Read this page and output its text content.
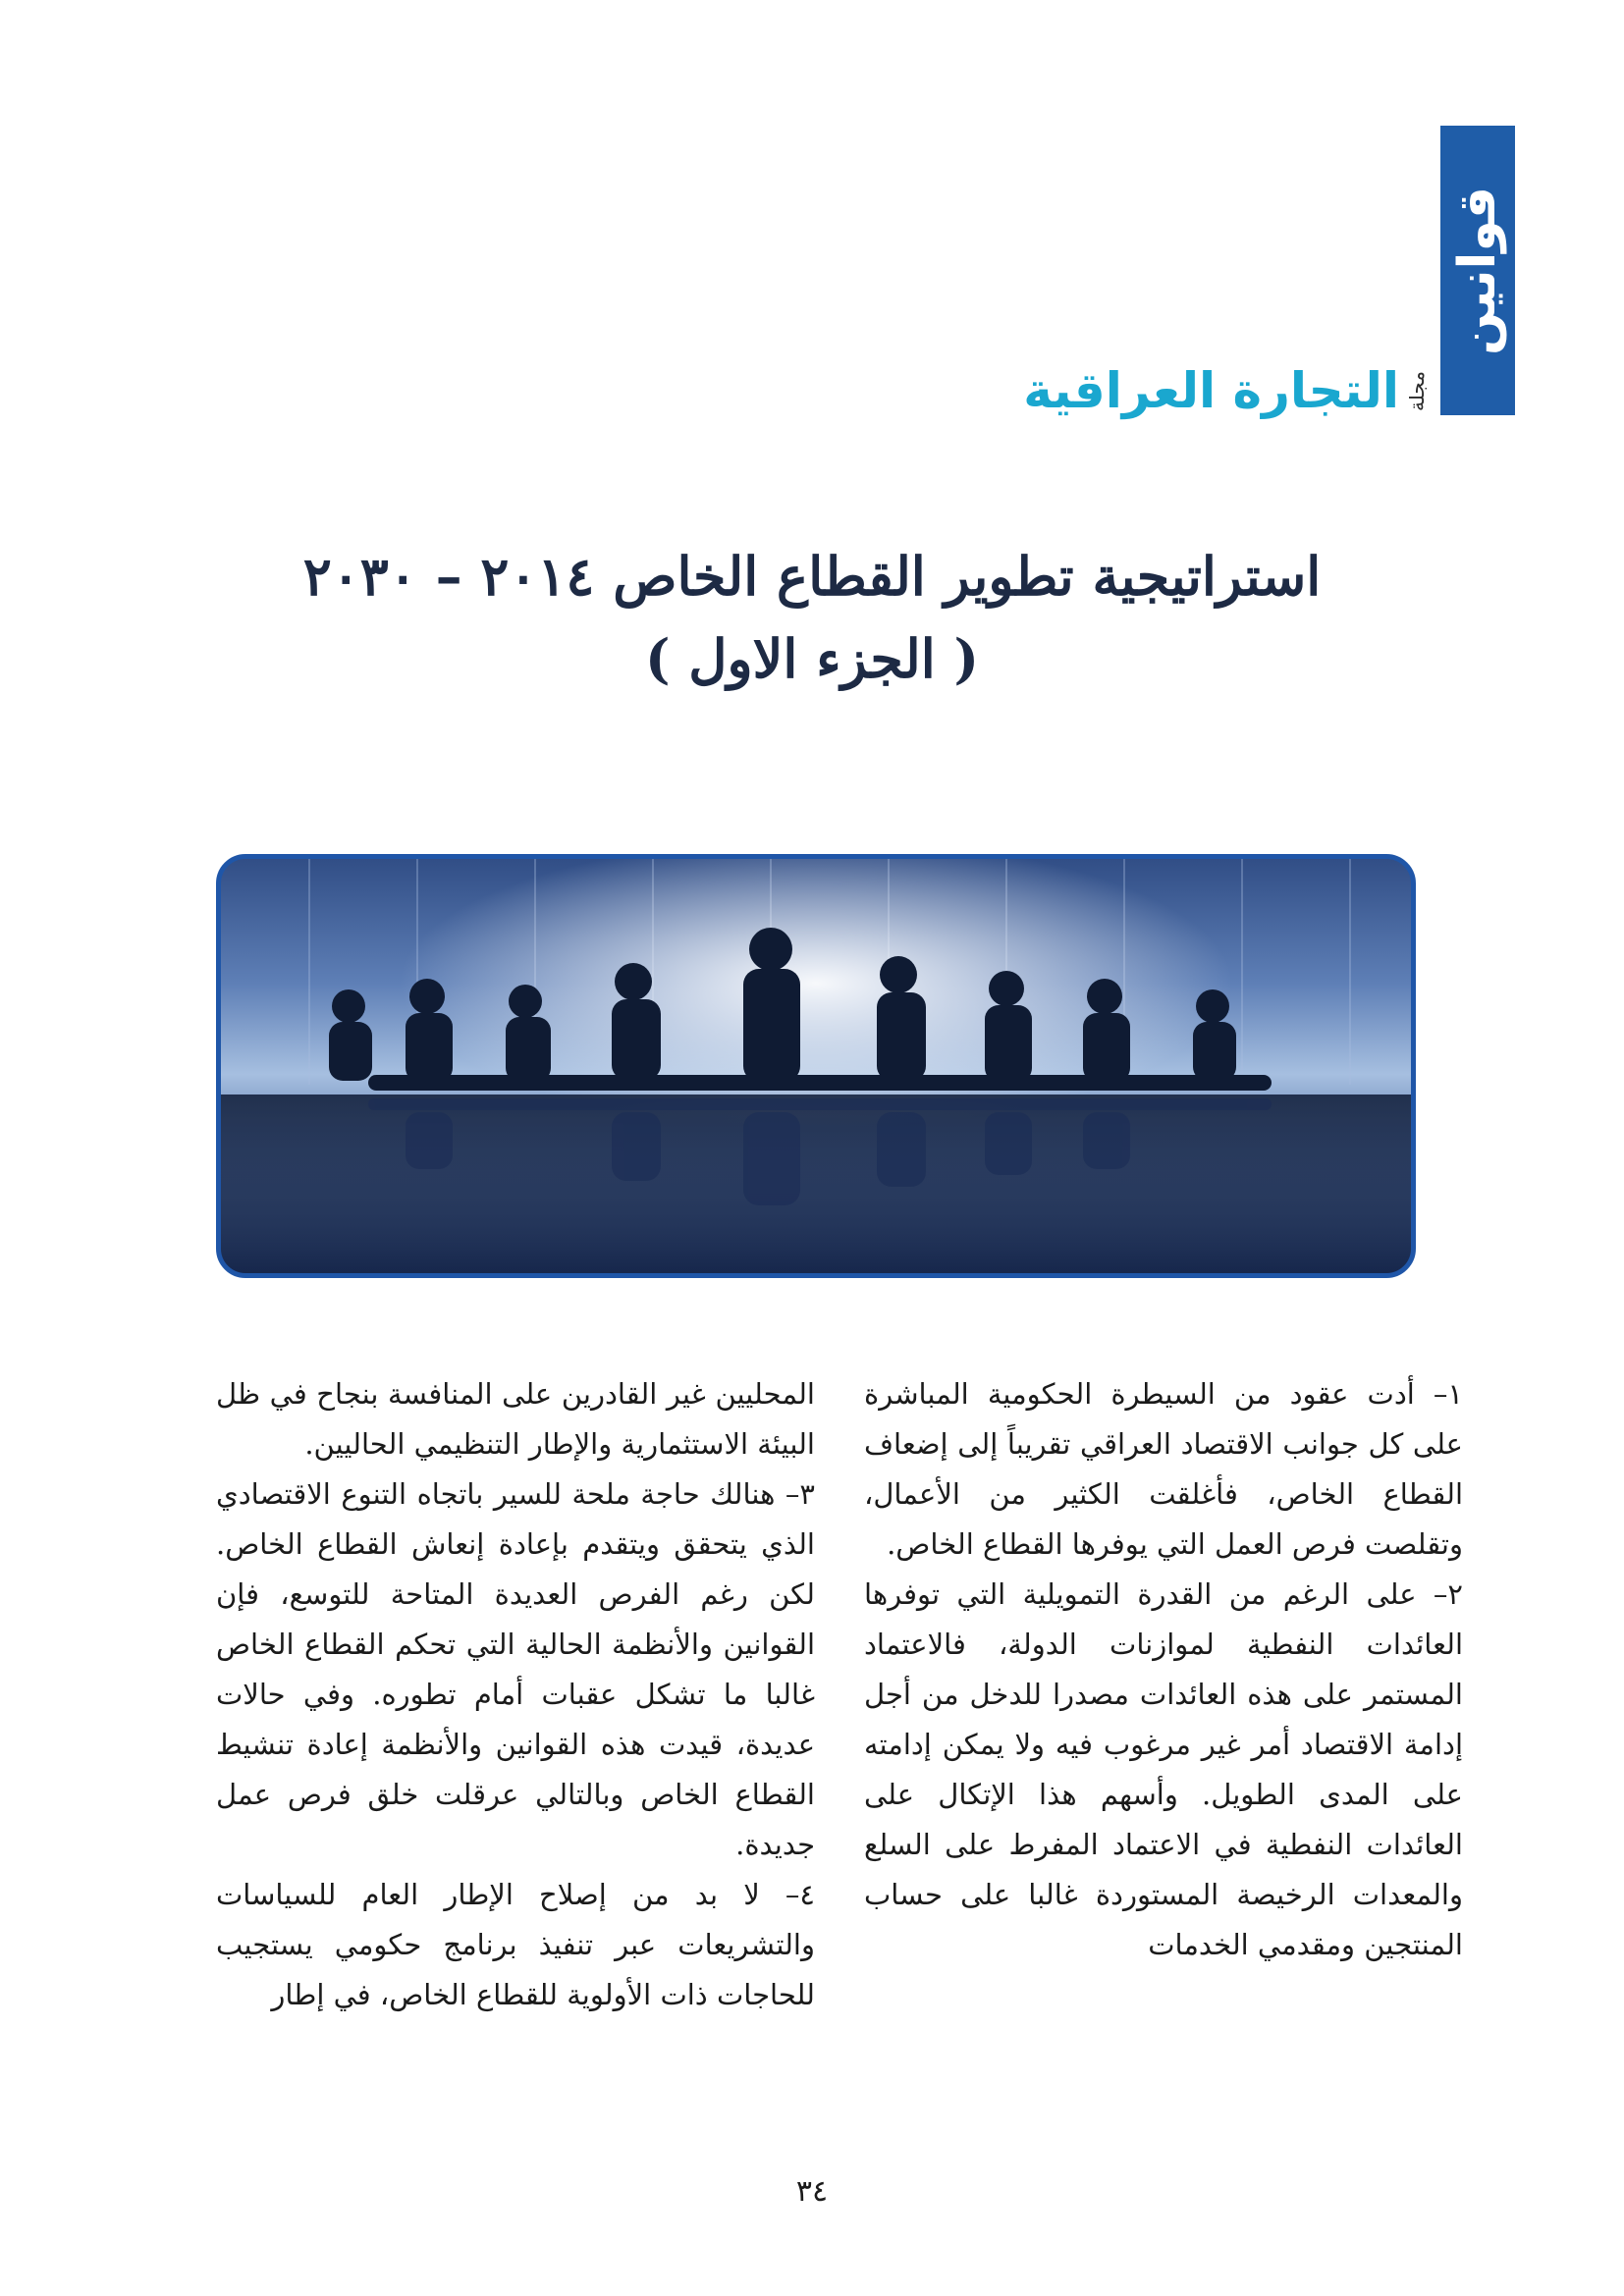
قوانين
مجلة
التجارة العراقية
استراتيجية تطوير القطاع الخاص ٢٠١٤ – ٢٠٣٠
( الجزء الاول )

١– أدت عقود من السيطرة الحكومية المباشرة على كل جوانب الاقتصاد العراقي تقريباً إلى إضعاف القطاع الخاص، فأغلقت الكثير من الأعمال، وتقلصت فرص العمل التي يوفرها القطاع الخاص.

٢– على الرغم من القدرة التمويلية التي توفرها العائدات النفطية لموازنات الدولة، فالاعتماد المستمر على هذه العائدات مصدرا للدخل من أجل إدامة الاقتصاد أمر غير مرغوب فيه ولا يمكن إدامته على المدى الطويل. وأسهم هذا الإتكال على العائدات النفطية في الاعتماد المفرط على السلع والمعدات الرخيصة المستوردة غالبا على حساب المنتجين ومقدمي الخدمات

المحليين غير القادرين على المنافسة بنجاح في ظل البيئة الاستثمارية والإطار التنظيمي الحاليين.

٣– هنالك حاجة ملحة للسير باتجاه التنوع الاقتصادي الذي يتحقق ويتقدم بإعادة إنعاش القطاع الخاص. لكن رغم الفرص العديدة المتاحة للتوسع، فإن القوانين والأنظمة الحالية التي تحكم القطاع الخاص غالبا ما تشكل عقبات أمام تطوره. وفي حالات عديدة، قيدت هذه القوانين والأنظمة إعادة تنشيط القطاع الخاص وبالتالي عرقلت خلق فرص عمل جديدة.

٤– لا بد من إصلاح الإطار العام للسياسات والتشريعات عبر تنفيذ برنامج حكومي يستجيب للحاجات ذات الأولوية للقطاع الخاص، في إطار

٣٤
